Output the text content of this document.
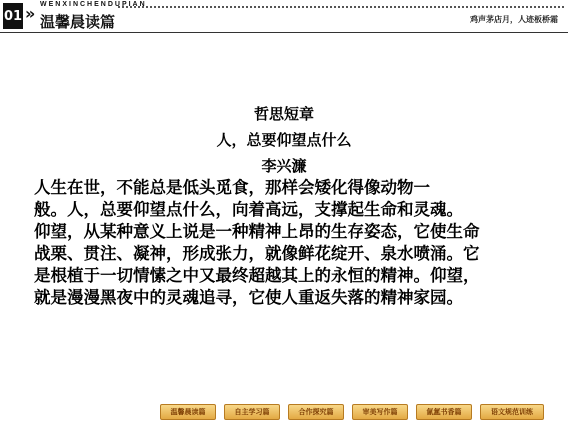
01 » WENXINCHENDUPIAN
温馨晨读篇	鸡声茅店月，人迹板桥霜
哲思短章
人，总要仰望点什么
李兴濂
人生在世，不能总是低头觅食，那样会矮化得像动物一
般。人，总要仰望点什么，向着高远，支撑起生命和灵魂。
仰望，从某种意义上说是一种精神上昂的生存姿态，它使生命
战栗、贯注、凝神，形成张力，就像鲜花绽开、泉水喷涌。它
是根植于一切情愫之中又最终超越其上的永恒的精神。仰望，
就是漫漫黑夜中的灵魂追寻，它使人重返失落的精神家园。
温馨晨读篇	自主学习篇	合作探究篇	审美写作篇	氤氲书香篇	语文规范训练
